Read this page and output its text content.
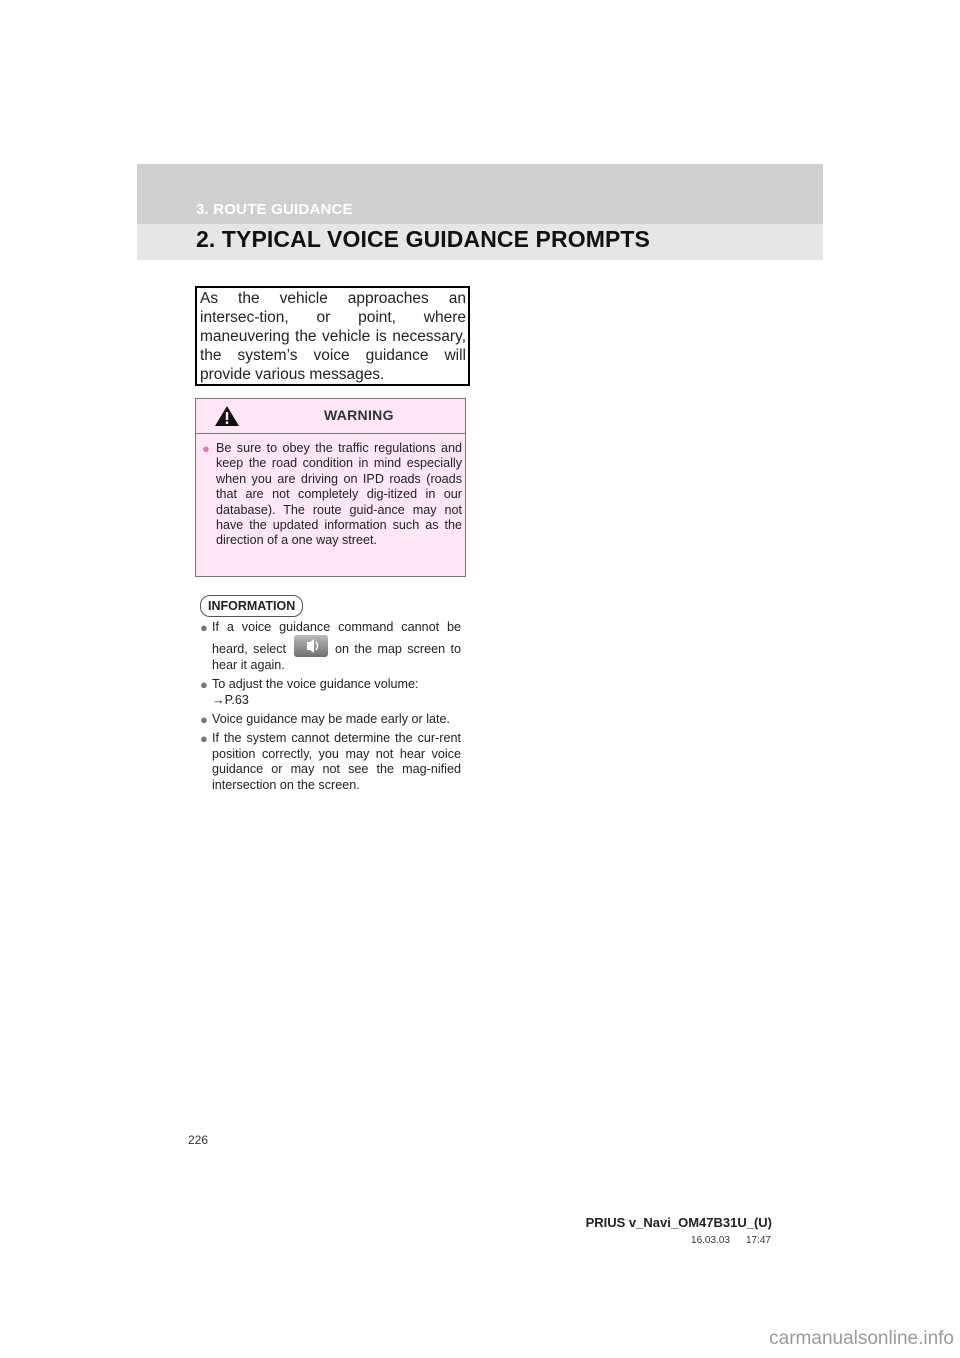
3. ROUTE GUIDANCE
2. TYPICAL VOICE GUIDANCE PROMPTS

As the vehicle approaches an intersec-tion, or point, where maneuvering the vehicle is necessary, the system’s voice guidance will provide various messages.

WARNING
● Be sure to obey the traffic regulations and keep the road condition in mind especially when you are driving on IPD roads (roads that are not completely dig-itized in our database). The route guid-ance may not have the updated information such as the direction of a one way street.
INFORMATION
● If a voice guidance command cannot be heard, select	on the map screen to hear it again.
● To adjust the voice guidance volume:
→P.63
● Voice guidance may be made early or late.
● If the system cannot determine the cur-rent position correctly, you may not hear voice guidance or may not see the mag-nified intersection on the screen.
226
PRIUS v_Navi_OM47B31U_(U)
16.03.03 17:47
carmanualsonline.info
